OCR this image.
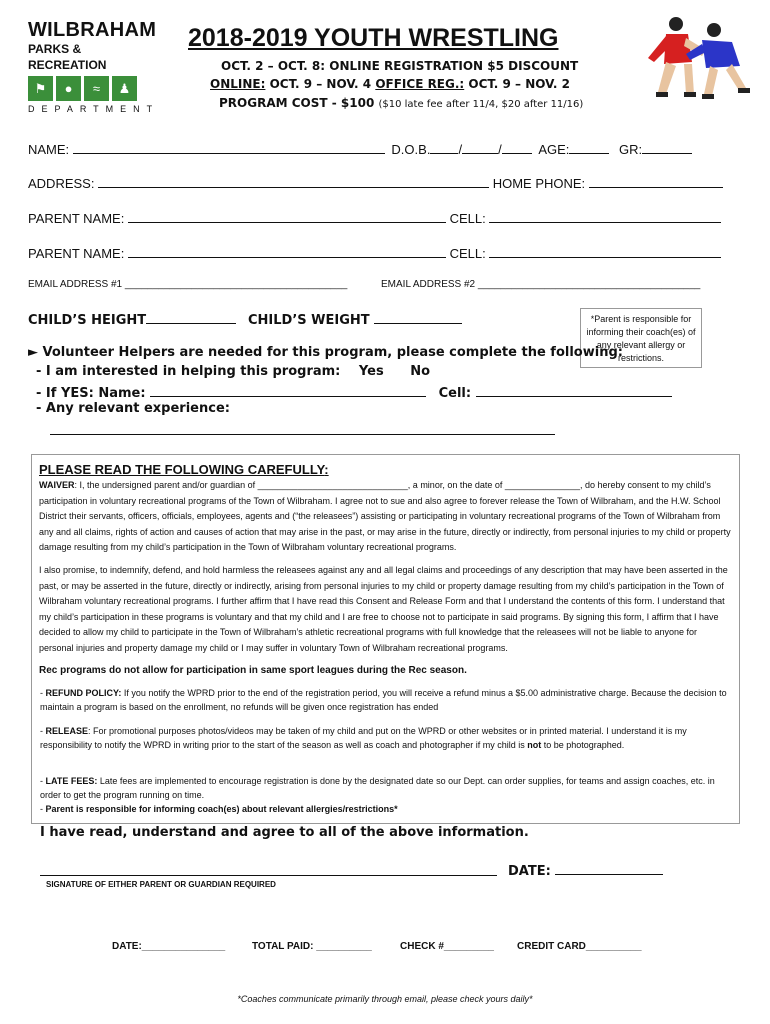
WILBRAHAM
PARKS & RECREATION
⚑	●	≈	♟
DEPARTMENT
2018-2019 YOUTH WRESTLING
OCT. 2 – OCT. 8: ONLINE REGISTRATION $5 DISCOUNT
ONLINE: OCT. 9 – NOV. 4 OFFICE REG.: OCT. 9 – NOV. 2
PROGRAM COST - $100 ($10 late fee after 11/4, $20 after 11/16)
NAME:	D.O.B. /	/	AGE:	GR:
ADDRESS:	HOME PHONE:
PARENT NAME:	CELL:
PARENT NAME:	CELL:
EMAIL ADDRESS #1 ________________________________________	EMAIL ADDRESS #2 ________________________________________
CHILD’S HEIGHT	CHILD’S WEIGHT	*Parent is responsible for informing their coach(es) of any relevant allergy or restrictions.
► Volunteer Helpers are needed for this program, please complete the following:
- I am interested in helping this program: Yes No
- If YES: Name:	Cell:
- Any relevant experience:
PLEASE READ THE FOLLOWING CAREFULLY:
WAIVER: I, the undersigned parent and/or guardian of ______________________________, a minor, on the date of _______________, do hereby consent to my child’s participation in voluntary recreational programs of the Town of Wilbraham. I agree not to sue and also agree to forever release the Town of Wilbraham, and the H.W. School District their servants, officers, officials, employees, agents and (“the releasees”) assisting or participating in voluntary recreational programs of the Town of Wilbraham from any and all claims, rights of action and causes of action that may arise in the past, or may arise in the future, directly or indirectly, from personal injuries to my child or property damage resulting from my child’s participation in the Town of Wilbraham voluntary recreational programs.
I also promise, to indemnify, defend, and hold harmless the releasees against any and all legal claims and proceedings of any description that may have been asserted in the past, or may be asserted in the future, directly or indirectly, arising from personal injuries to my child or property damage resulting from my child’s participation in the Town of Wilbraham voluntary recreational programs. I further affirm that I have read this Consent and Release Form and that I understand the contents of this form. I understand that my child’s participation in these programs is voluntary and that my child and I are free to choose not to participate in said programs. By signing this form, I affirm that I have decided to allow my child to participate in the Town of Wilbraham’s athletic recreational programs with full knowledge that the releasees will not be liable to anyone for personal injuries and property damage my child or I may suffer in voluntary Town of Wilbraham recreational programs.
Rec programs do not allow for participation in same sport leagues during the Rec season.
- REFUND POLICY: If you notify the WPRD prior to the end of the registration period, you will receive a refund minus a $5.00 administrative charge. Because the decision to maintain a program is based on the enrollment, no refunds will be given once registration has ended
- RELEASE: For promotional purposes photos/videos may be taken of my child and put on the WPRD or other websites or in printed material. I understand it is my responsibility to notify the WPRD in writing prior to the start of the season as well as coach and photographer if my child is not to be photographed.
- LATE FEES: Late fees are implemented to encourage registration is done by the designated date so our Dept. can order supplies, for teams and assign coaches, etc. in order to get the program running on time.
- Parent is responsible for informing coach(es) about relevant allergies/restrictions*
I have read, understand and agree to all of the above information.
DATE:
SIGNATURE OF EITHER PARENT OR GUARDIAN REQUIRED
DATE:_______________	TOTAL PAID: __________	CHECK #_________ CREDIT CARD__________
*Coaches communicate primarily through email, please check yours daily*
